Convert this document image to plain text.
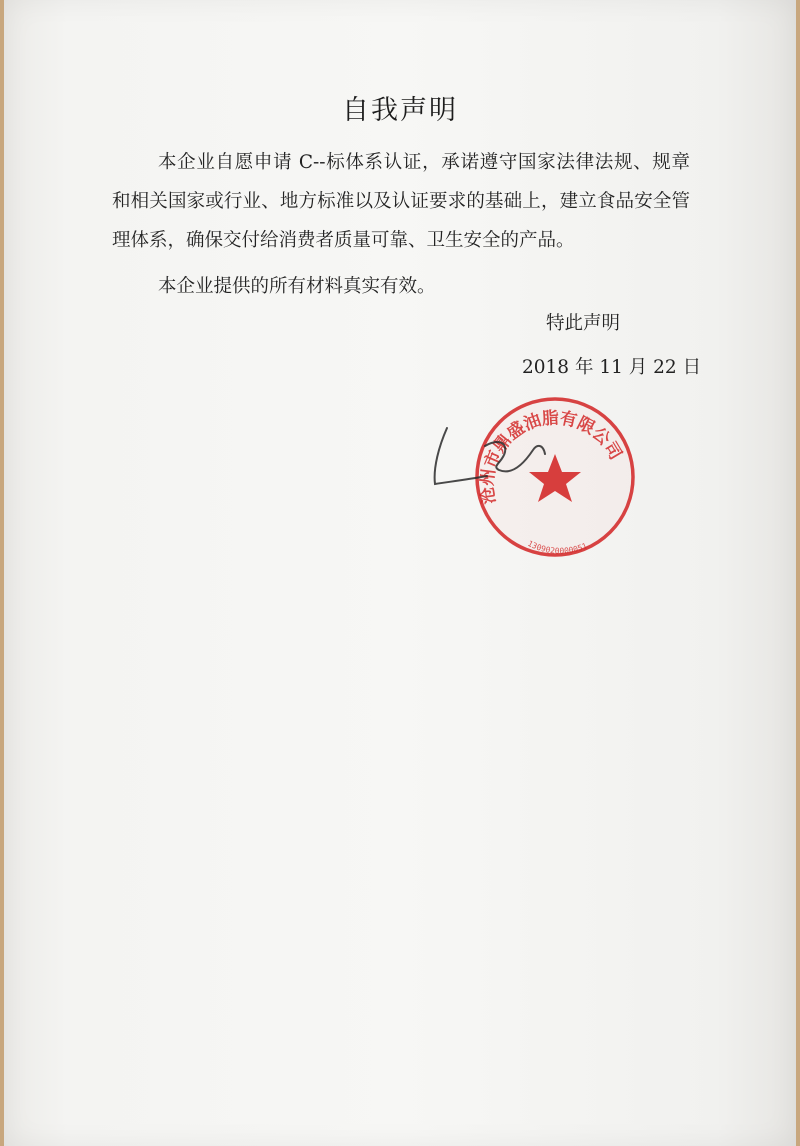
自我声明
本企业自愿申请 C--标体系认证，承诺遵守国家法律法规、规章和相关国家或行业、地方标准以及认证要求的基础上，建立食品安全管理体系，确保交付给消费者质量可靠、卫生安全的产品。
本企业提供的所有材料真实有效。
特此声明
2018 年 11 月 22 日
沧州市鼎盛油脂有限公司
1309020000051
